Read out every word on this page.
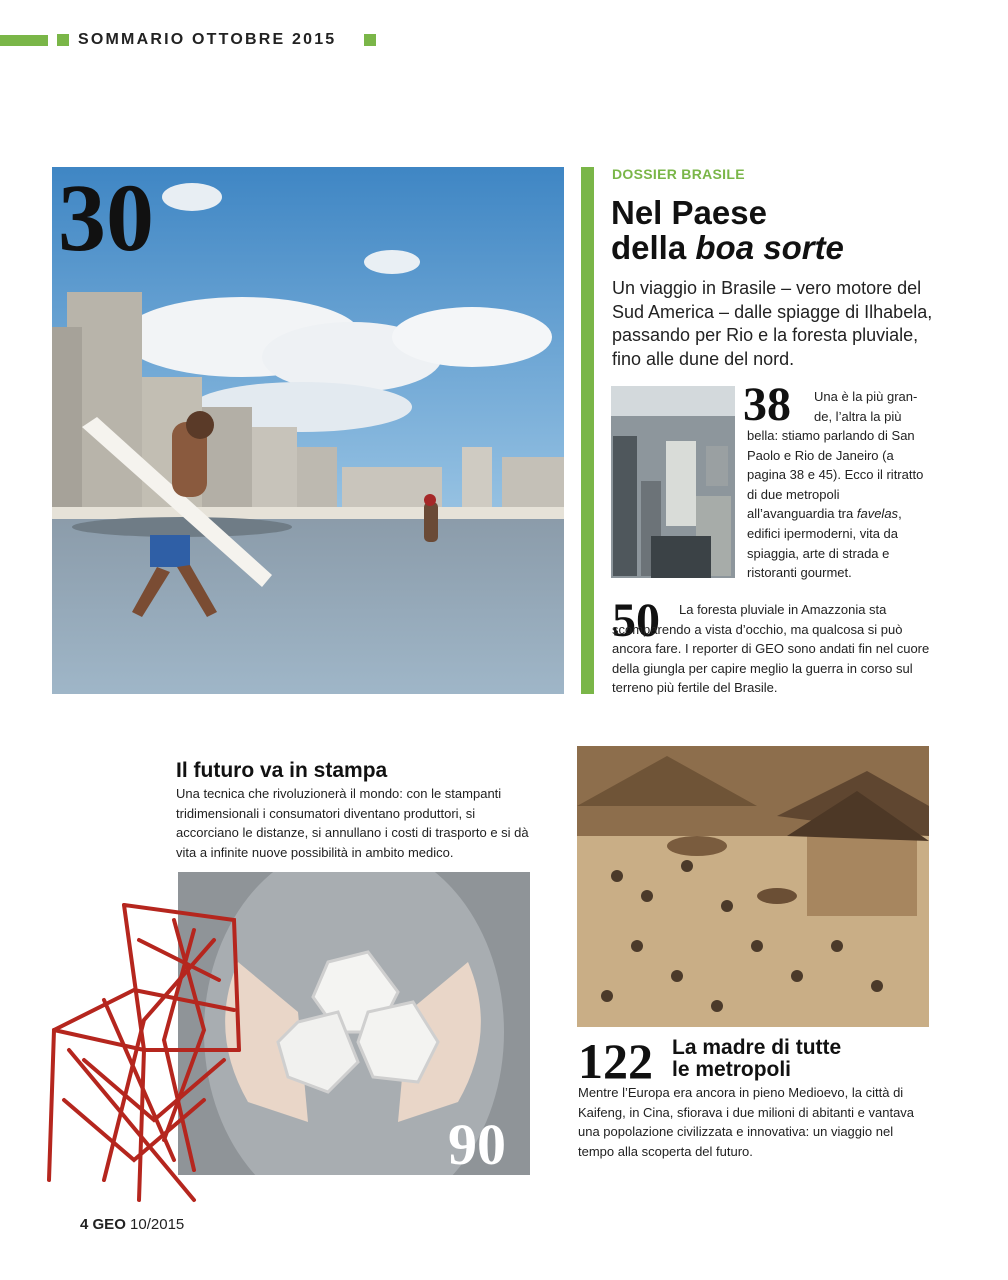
SOMMARIO OTTOBRE 2015
30	DOSSIER BRASILE
Nel Paese
della boa sorte
Un viaggio in Brasile – vero motore del Sud America – dalle spiagge di Ilhabela, passando per Rio e la foresta pluviale, fino alle dune del nord.
38 Una è la più gran-
de, l’altra la più
bella: stiamo parlando di San Paolo e Rio de Janeiro (a pagina 38 e 45). Ecco il ritratto di due metropoli all’avanguardia tra favelas, edifici ipermoderni, vita da spiaggia, arte di strada e ristoranti gourmet.
50	La foresta pluviale in Amazzonia sta scomparendo a vista d’occhio, ma qualcosa si può ancora fare. I reporter di GEO sono andati fin nel cuore della giungla per capire meglio la guerra in corso sul terreno più fertile del Brasile.
Il futuro va in stampa
Una tecnica che rivoluzionerà il mondo: con le stampanti tridimensionali i consumatori diventano produttori, si accorciano le distanze, si annullano i costi di trasporto e si dà vita a infinite nuove possibilità in ambito medico.
90
122 La madre di tutte
le metropoli
Mentre l’Europa era ancora in pieno Medioevo, la città di Kaifeng, in Cina, sfiorava i due milioni di abitanti e vantava una popolazione civilizzata e innovativa: un viaggio nel tempo alla scoperta del futuro.
4 GEO 10/2015
